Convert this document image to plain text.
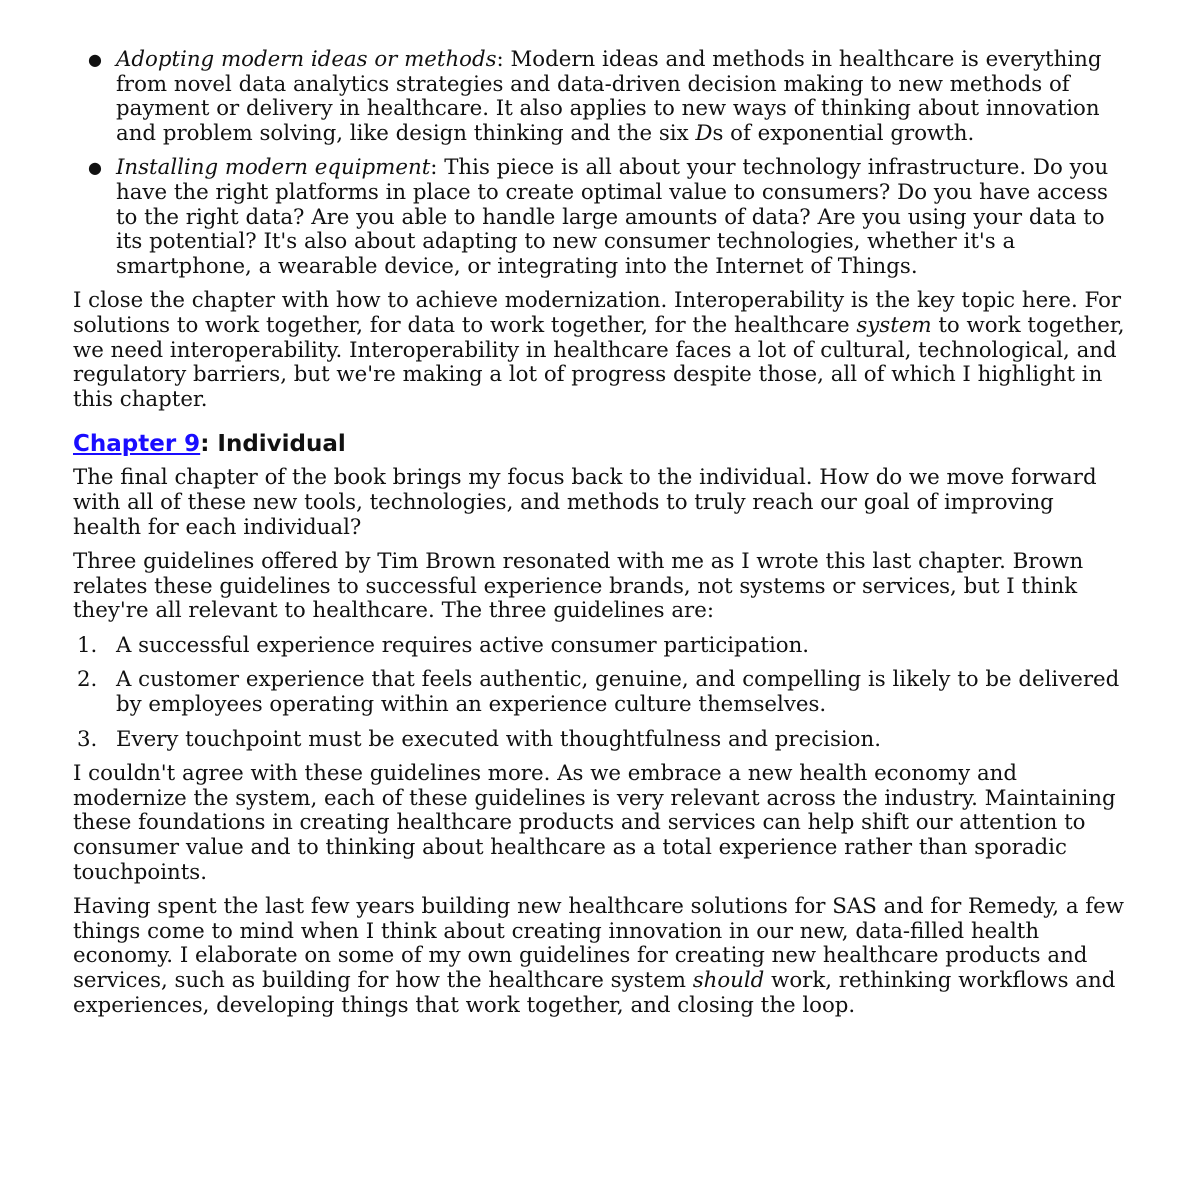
● Adopting modern ideas or methods: Modern ideas and methods in healthcare is everything from novel data analytics strategies and data-driven decision making to new methods of payment or delivery in healthcare. It also applies to new ways of thinking about innovation and problem solving, like design thinking and the six Ds of exponential growth.
● Installing modern equipment: This piece is all about your technology infrastructure. Do you have the right platforms in place to create optimal value to consumers? Do you have access to the right data? Are you able to handle large amounts of data? Are you using your data to its potential? It's also about adapting to new consumer technologies, whether it's a smartphone, a wearable device, or integrating into the Internet of Things.

I close the chapter with how to achieve modernization. Interoperability is the key topic here. For solutions to work together, for data to work together, for the healthcare system to work together, we need interoperability. Interoperability in healthcare faces a lot of cultural, technological, and regulatory barriers, but we're making a lot of progress despite those, all of which I highlight in this chapter.

Chapter 9: Individual

The final chapter of the book brings my focus back to the individual. How do we move forward with all of these new tools, technologies, and methods to truly reach our goal of improving health for each individual?

Three guidelines offered by Tim Brown resonated with me as I wrote this last chapter. Brown relates these guidelines to successful experience brands, not systems or services, but I think they're all relevant to healthcare. The three guidelines are:

1. A successful experience requires active consumer participation.
2. A customer experience that feels authentic, genuine, and compelling is likely to be delivered by employees operating within an experience culture themselves.
3. Every touchpoint must be executed with thoughtfulness and precision.

I couldn't agree with these guidelines more. As we embrace a new health economy and modernize the system, each of these guidelines is very relevant across the industry. Maintaining these foundations in creating healthcare products and services can help shift our attention to consumer value and to thinking about healthcare as a total experience rather than sporadic touchpoints.

Having spent the last few years building new healthcare solutions for SAS and for Remedy, a few things come to mind when I think about creating innovation in our new, data-filled health economy. I elaborate on some of my own guidelines for creating new healthcare products and services, such as building for how the healthcare system should work, rethinking workflows and experiences, developing things that work together, and closing the loop.
